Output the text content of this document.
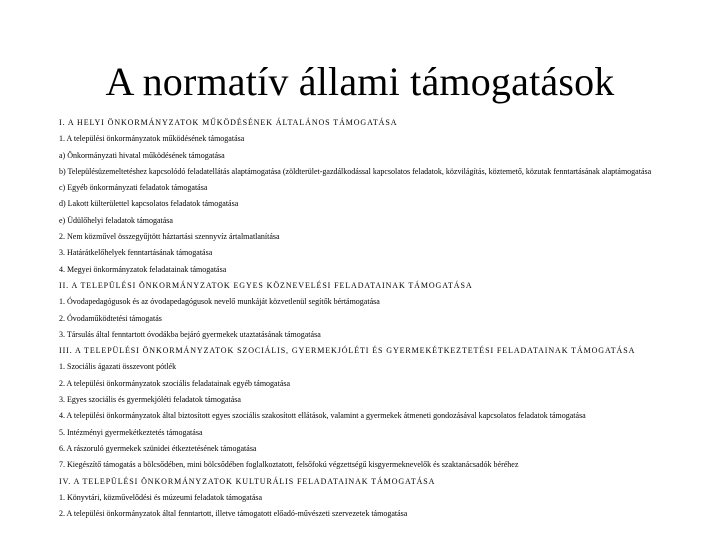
A normatív állami támogatások
I. A HELYI ÖNKORMÁNYZATOK MŰKÖDÉSÉNEK ÁLTALÁNOS TÁMOGATÁSA
1. A települési önkormányzatok működésének támogatása
a) Önkormányzati hivatal működésének támogatása
b) Településüzemeltetéshez kapcsolódó feladatellátás alaptámogatása (zöldterület-gazdálkodással kapcsolatos feladatok, közvilágítás, köztemető, közutak fenntartásának alaptámogatása
c) Egyéb önkormányzati feladatok támogatása
d) Lakott külterülettel kapcsolatos feladatok támogatása
e) Üdülőhelyi feladatok támogatása
2. Nem közművel összegyűjtött háztartási szennyvíz ártalmatlanítása
3. Határátkelőhelyek fenntartásának támogatása
4. Megyei önkormányzatok feladatainak támogatása
II. A TELEPÜLÉSI ÖNKORMÁNYZATOK EGYES KÖZNEVELÉSI FELADATAINAK TÁMOGATÁSA
1. Óvodapedagógusok és az óvodapedagógusok nevelő munkáját közvetlenül segítők bértámogatása
2. Óvodaműködtetési támogatás
3. Társulás által fenntartott óvodákba bejáró gyermekek utaztatásának támogatása
III. A TELEPÜLÉSI ÖNKORMÁNYZATOK SZOCIÁLIS, GYERMEKJÓLÉTI ÉS GYERMEKÉTKEZTETÉSI FELADATAINAK TÁMOGATÁSA
1. Szociális ágazati összevont pótlék
2. A települési önkormányzatok szociális feladatainak egyéb támogatása
3. Egyes szociális és gyermekjóléti feladatok támogatása
4. A települési önkormányzatok által biztosított egyes szociális szakosított ellátások, valamint a gyermekek átmeneti gondozásával kapcsolatos feladatok támogatása
5. Intézményi gyermekétkeztetés támogatása
6. A rászoruló gyermekek szünidei étkeztetésének támogatása
7. Kiegészítő támogatás a bölcsődében, mini bölcsődében foglalkoztatott, felsőfokú végzettségű kisgyermeknevelők és szaktanácsadók béréhez
IV. A TELEPÜLÉSI ÖNKORMÁNYZATOK KULTURÁLIS FELADATAINAK TÁMOGATÁSA
1. Könyvtári, közművelődési és múzeumi feladatok támogatása
2. A települési önkormányzatok által fenntartott, illetve támogatott előadó-művészeti szervezetek támogatása
